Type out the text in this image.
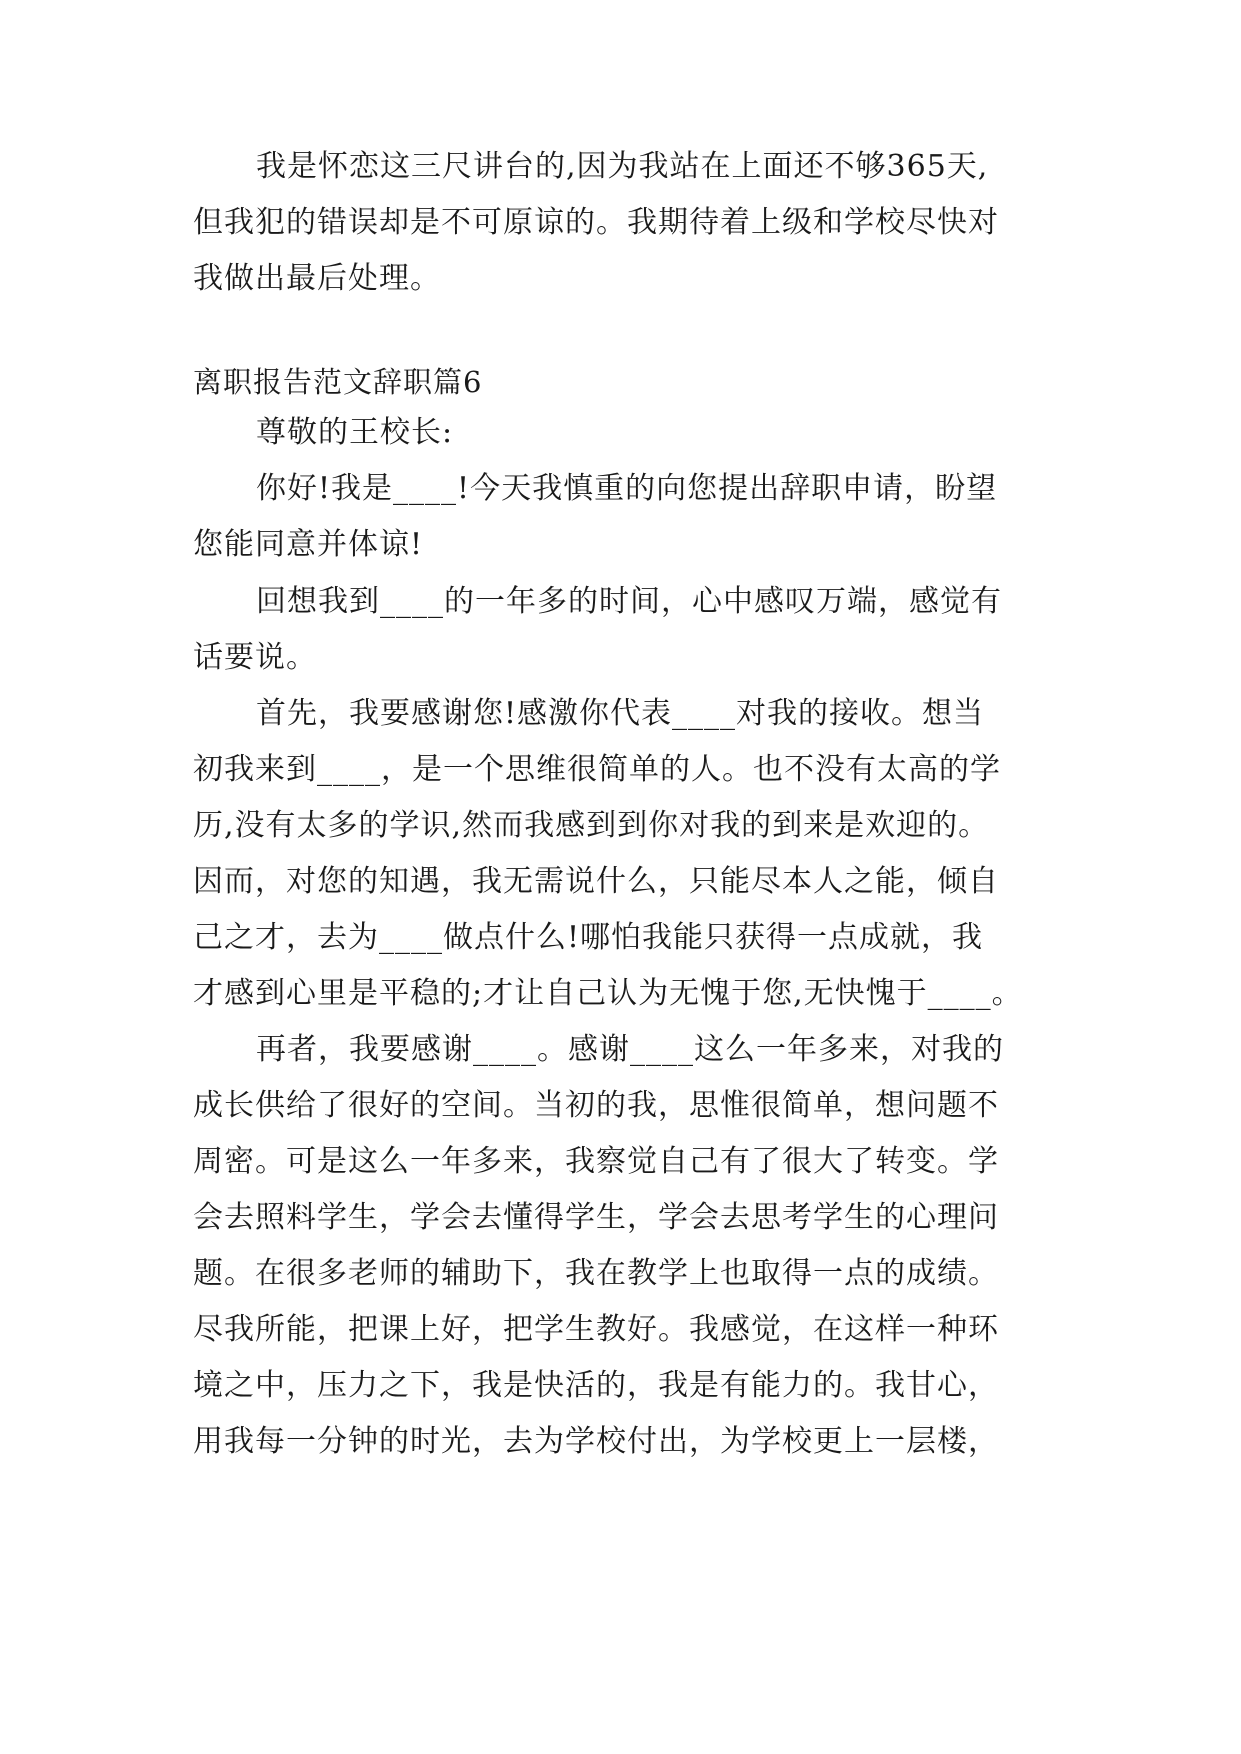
我是怀恋这三尺讲台的,因为我站在上面还不够365天,
但我犯的错误却是不可原谅的。我期待着上级和学校尽快对
我做出最后处理。
离职报告范文辞职篇6
尊敬的王校长:
你好!我是____!今天我慎重的向您提出辞职申请，盼望
您能同意并体谅!
回想我到____的一年多的时间，心中感叹万端，感觉有
话要说。
首先，我要感谢您!感激你代表____对我的接收。想当
初我来到____，是一个思维很简单的人。也不没有太高的学
历,没有太多的学识,然而我感到到你对我的到来是欢迎的。
因而，对您的知遇，我无需说什么，只能尽本人之能，倾自
己之才，去为____做点什么!哪怕我能只获得一点成就，我
才感到心里是平稳的;才让自己认为无愧于您,无快愧于____。
再者，我要感谢____。感谢____这么一年多来，对我的
成长供给了很好的空间。当初的我，思惟很简单，想问题不
周密。可是这么一年多来，我察觉自己有了很大了转变。学
会去照料学生，学会去懂得学生，学会去思考学生的心理问
题。在很多老师的辅助下，我在教学上也取得一点的成绩。
尽我所能，把课上好，把学生教好。我感觉，在这样一种环
境之中，压力之下，我是快活的，我是有能力的。我甘心，
用我每一分钟的时光，去为学校付出，为学校更上一层楼，
